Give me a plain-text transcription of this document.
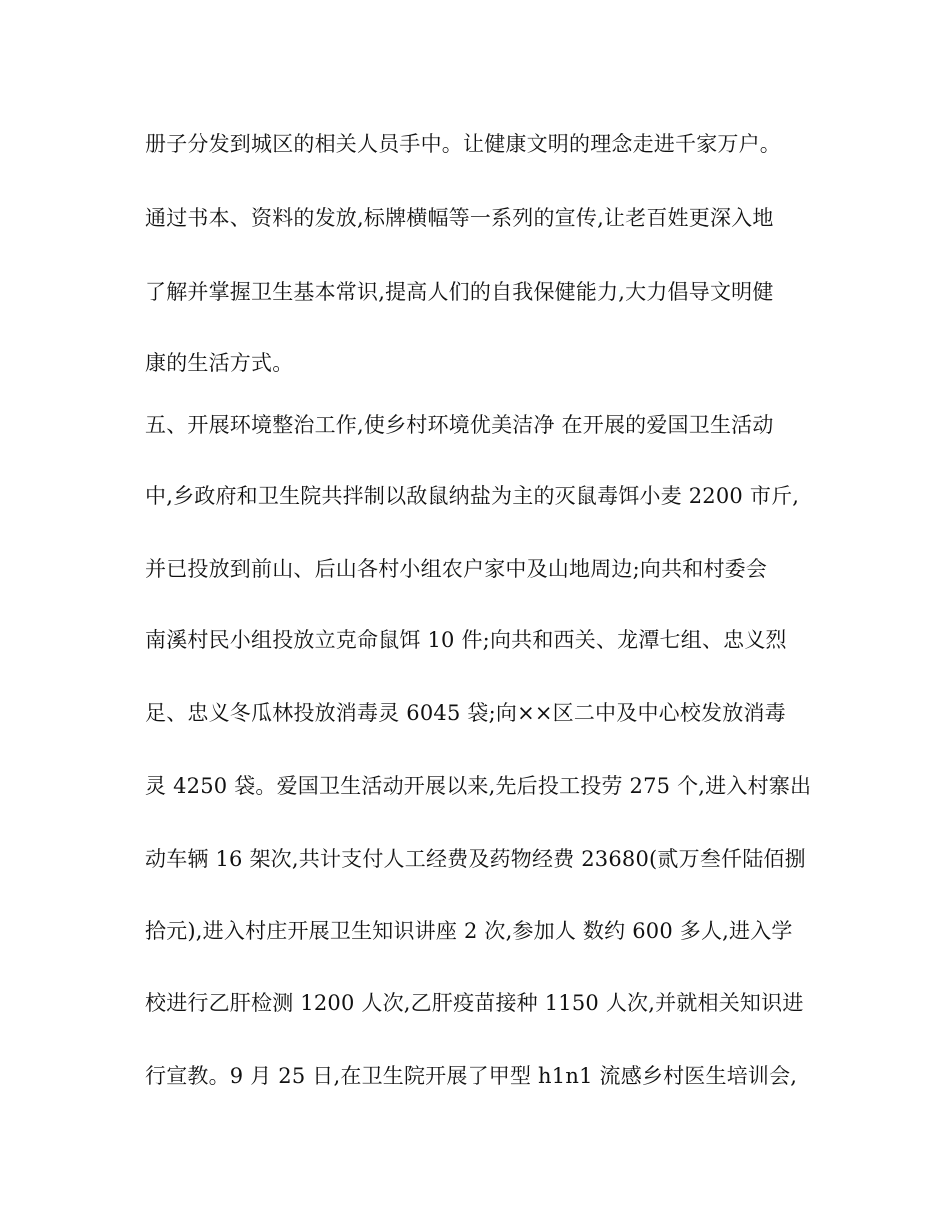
册子分发到城区的相关人员手中。让健康文明的理念走进千家万户。
通过书本、资料的发放,标牌横幅等一系列的宣传,让老百姓更深入地
了解并掌握卫生基本常识,提高人们的自我保健能力,大力倡导文明健
康的生活方式。
五、开展环境整治工作,使乡村环境优美洁净 在开展的爱国卫生活动
中,乡政府和卫生院共拌制以敌鼠纳盐为主的灭鼠毒饵小麦 2200 市斤,
并已投放到前山、后山各村小组农户家中及山地周边;向共和村委会
南溪村民小组投放立克命鼠饵 10 件;向共和西关、龙潭七组、忠义烈
足、忠义冬瓜林投放消毒灵 6045 袋;向××区二中及中心校发放消毒
灵 4250 袋。爱国卫生活动开展以来,先后投工投劳 275 个,进入村寨出
动车辆 16 架次,共计支付人工经费及药物经费 23680(贰万叁仟陆佰捌
拾元),进入村庄开展卫生知识讲座 2 次,参加人 数约 600 多人,进入学
校进行乙肝检测 1200 人次,乙肝疫苗接种 1150 人次,并就相关知识进
行宣教。9 月 25 日,在卫生院开展了甲型 h1n1 流感乡村医生培训会,
